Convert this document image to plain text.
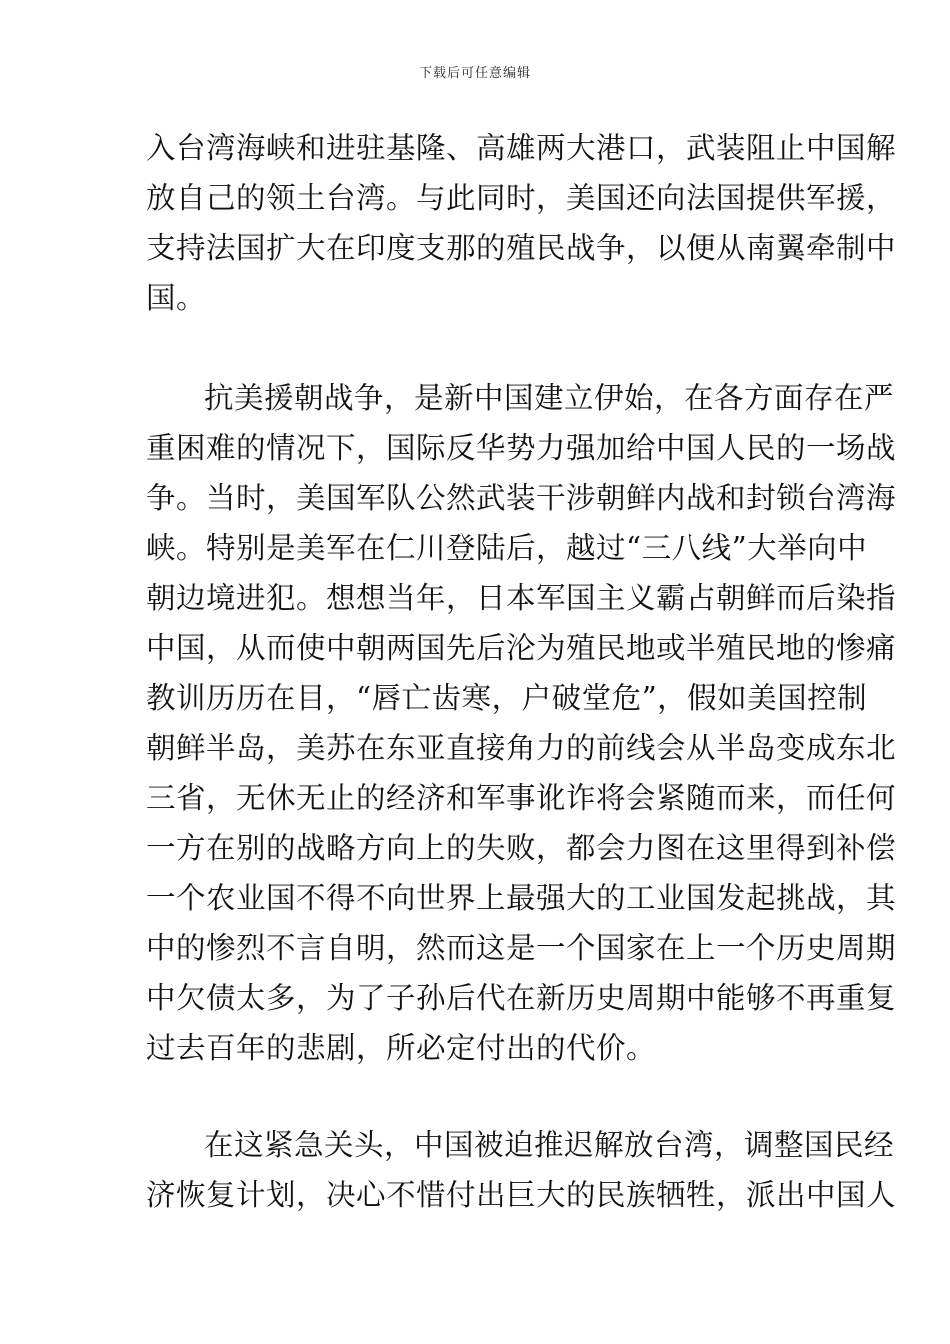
下载后可任意编辑
入台湾海峡和进驻基隆、高雄两大港口，武装阻止中国解
放自己的领土台湾。与此同时，美国还向法国提供军援，
支持法国扩大在印度支那的殖民战争，以便从南翼牵制中
国。
抗美援朝战争，是新中国建立伊始，在各方面存在严
重困难的情况下，国际反华势力强加给中国人民的一场战
争。当时，美国军队公然武装干涉朝鲜内战和封锁台湾海
峡。特别是美军在仁川登陆后，越过“三八线”大举向中
朝边境进犯。想想当年，日本军国主义霸占朝鲜而后染指
中国，从而使中朝两国先后沦为殖民地或半殖民地的惨痛
教训历历在目，“唇亡齿寒，户破堂危”，假如美国控制
朝鲜半岛，美苏在东亚直接角力的前线会从半岛变成东北
三省，无休无止的经济和军事讹诈将会紧随而来，而任何
一方在别的战略方向上的失败，都会力图在这里得到补偿
一个农业国不得不向世界上最强大的工业国发起挑战，其
中的惨烈不言自明，然而这是一个国家在上一个历史周期
中欠债太多，为了子孙后代在新历史周期中能够不再重复
过去百年的悲剧，所必定付出的代价。
在这紧急关头，中国被迫推迟解放台湾，调整国民经
济恢复计划，决心不惜付出巨大的民族牺牲，派出中国人
